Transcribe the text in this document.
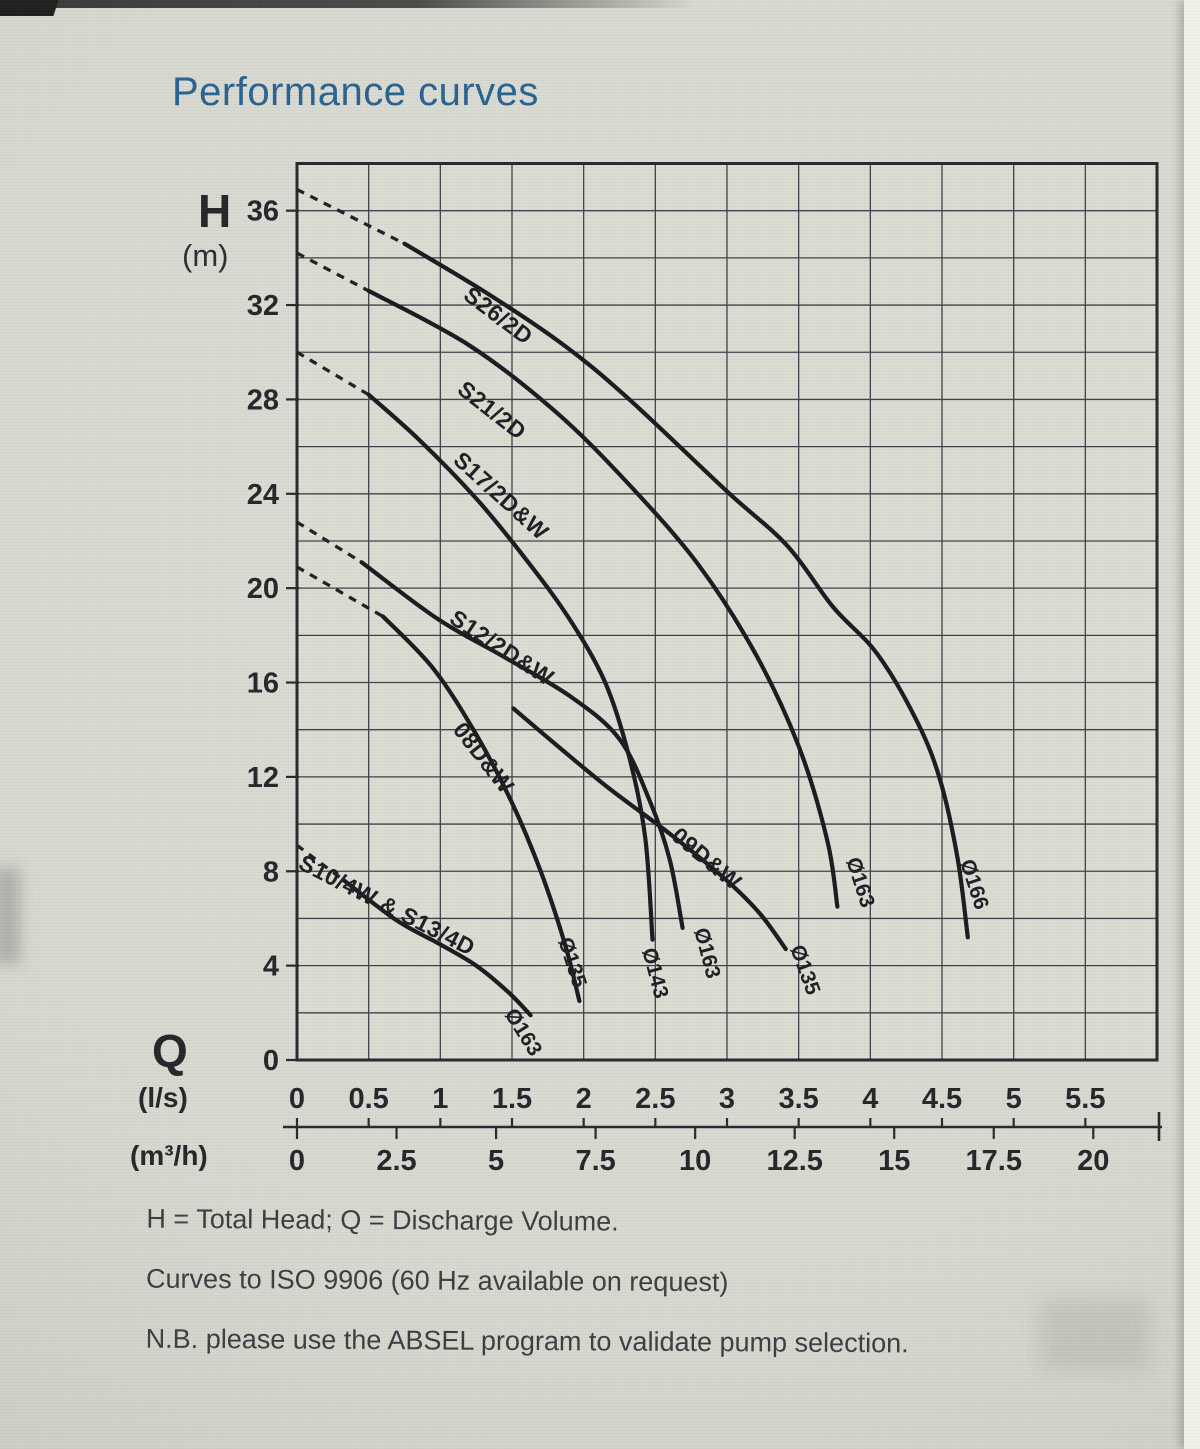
Performance curves
0
4
8
12
16
20
24
28
32
36
S26/2D
Ø166
S21/2D
Ø163
S17/2D&W
Ø143
S12/2D&W
Ø163
08D&W
Ø135
09D&W
Ø135
S10/4W & S13/4D
Ø163
0 0.5 1 1.5 2 2.5 3 3.5 4 4.5 5 5.5
0 2.5 5 7.5 10 12.5 15 17.5 20
H
(m)
Q
(l/s)
(m³/h)
H = Total Head; Q = Discharge Volume.
Curves to ISO 9906 (60 Hz available on request)
N.B. please use the ABSEL program to validate pump selection.
